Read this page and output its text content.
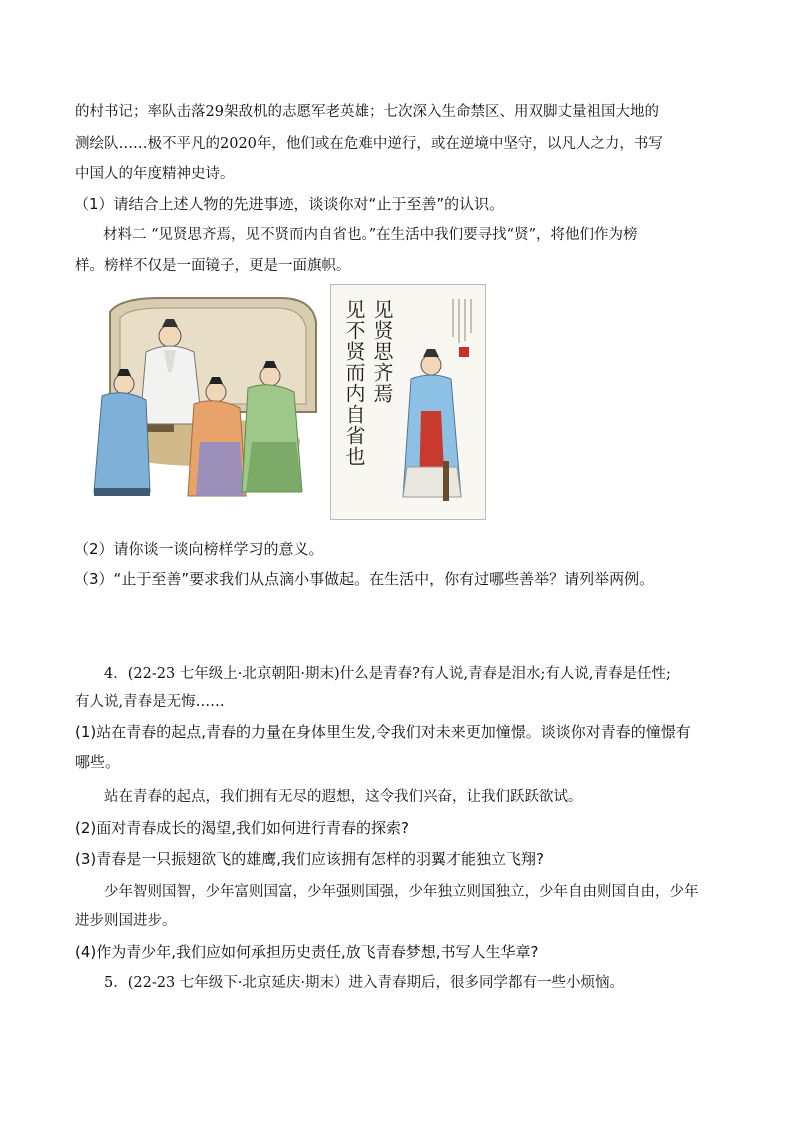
的村书记；率队击落29架敌机的志愿军老英雄；七次深入生命禁区、用双脚丈量祖国大地的
测绘队……极不平凡的2020年，他们或在危难中逆行，或在逆境中坚守，以凡人之力，书写
中国人的年度精神史诗。
（1）请结合上述人物的先进事迹，谈谈你对“止于至善”的认识。
材料二 “见贤思齐焉，见不贤而内自省也。”在生活中我们要寻找“贤”，将他们作为榜
样。榜样不仅是一面镜子，更是一面旗帜。
见不贤而内自省也 见贤思齐焉
（2）请你谈一谈向榜样学习的意义。
（3）“止于至善”要求我们从点滴小事做起。在生活中，你有过哪些善举？请列举两例。
4．(22-23 七年级上·北京朝阳·期末)什么是青春?有人说,青春是泪水;有人说,青春是任性;
有人说,青春是无悔……
(1)站在青春的起点,青春的力量在身体里生发,令我们对未来更加憧憬。谈谈你对青春的憧憬有
哪些。
站在青春的起点，我们拥有无尽的遐想，这令我们兴奋，让我们跃跃欲试。
(2)面对青春成长的渴望,我们如何进行青春的探索?
(3)青春是一只振翅欲飞的雄鹰,我们应该拥有怎样的羽翼才能独立飞翔?
少年智则国智，少年富则国富，少年强则国强，少年独立则国独立，少年自由则国自由，少年
进步则国进步。
(4)作为青少年,我们应如何承担历史责任,放飞青春梦想,书写人生华章?
5．(22-23 七年级下·北京延庆·期末）进入青春期后，很多同学都有一些小烦恼。
